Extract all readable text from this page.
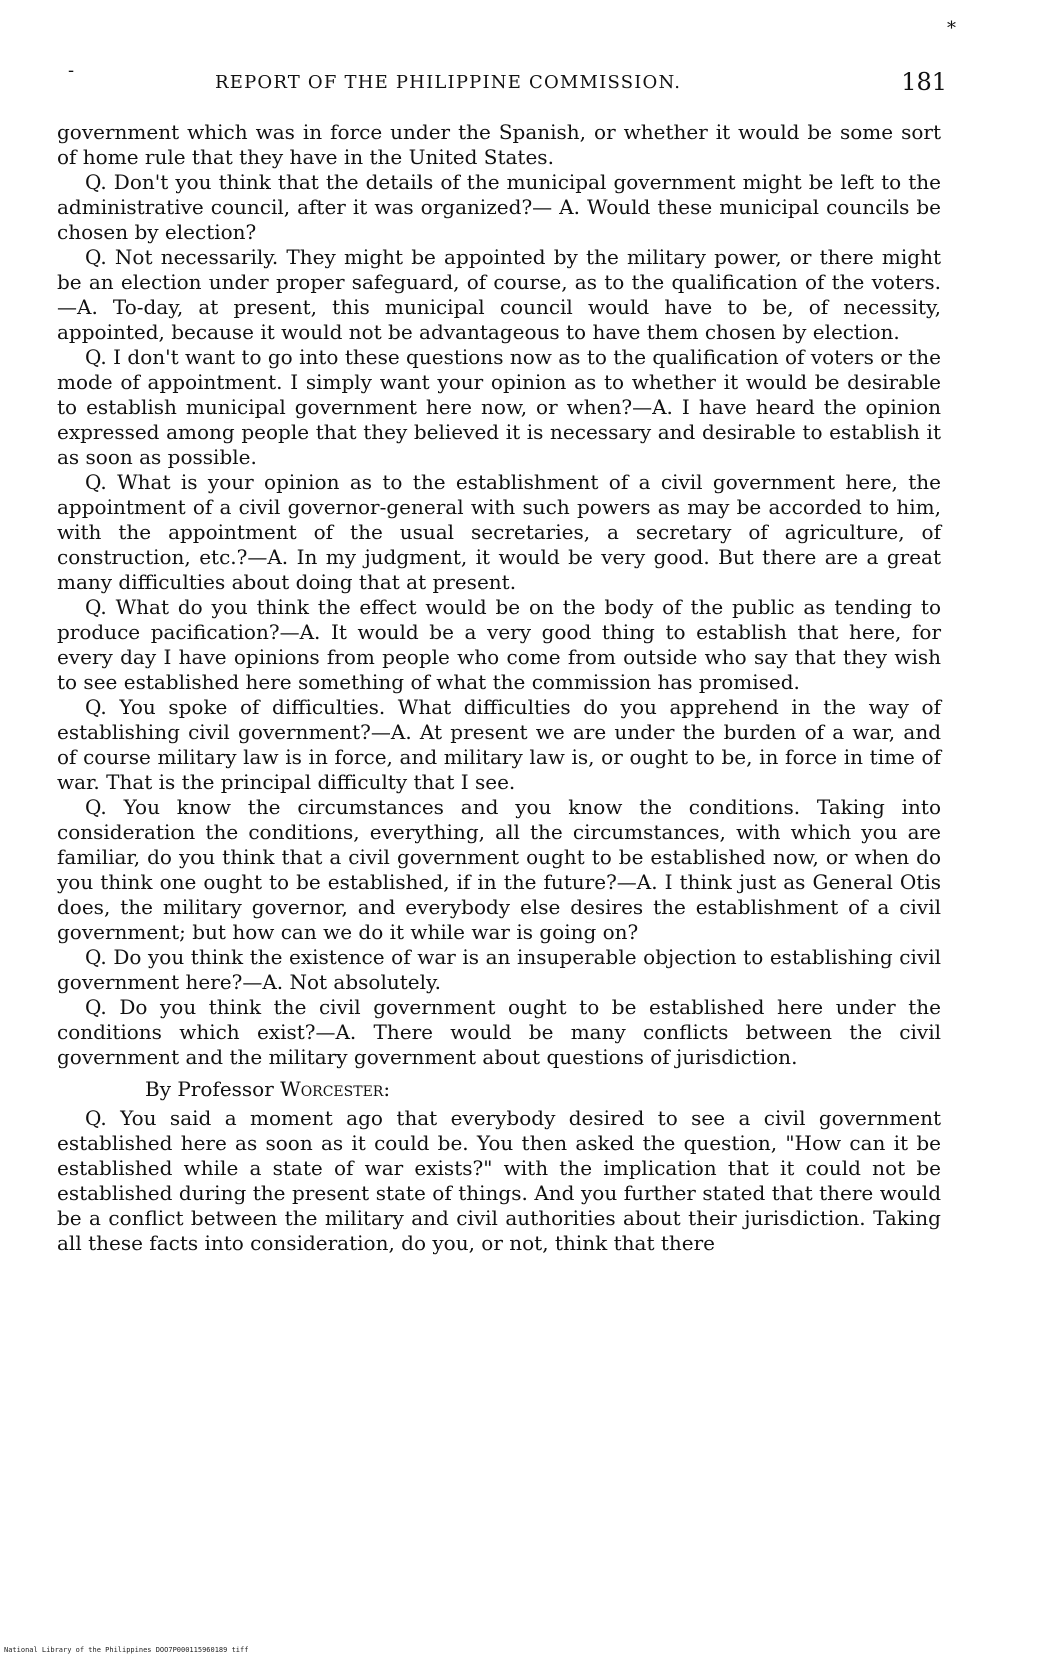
-
*
REPORT OF THE PHILIPPINE COMMISSION.	181

government which was in force under the Spanish, or whether it would be some sort of home rule that they have in the United States.

Q. Don't you think that the details of the municipal government might be left to the administrative council, after it was organized?— A. Would these municipal councils be chosen by election?

Q. Not necessarily. They might be appointed by the military power, or there might be an election under proper safeguard, of course, as to the qualification of the voters.—A. To-day, at present, this municipal council would have to be, of necessity, appointed, because it would not be advantageous to have them chosen by election.

Q. I don't want to go into these questions now as to the qualification of voters or the mode of appointment. I simply want your opinion as to whether it would be desirable to establish municipal government here now, or when?—A. I have heard the opinion expressed among people that they believed it is necessary and desirable to establish it as soon as possible.

Q. What is your opinion as to the establishment of a civil government here, the appointment of a civil governor-general with such powers as may be accorded to him, with the appointment of the usual secretaries, a secretary of agriculture, of construction, etc.?—A. In my judgment, it would be very good. But there are a great many difficulties about doing that at present.

Q. What do you think the effect would be on the body of the public as tending to produce pacification?—A. It would be a very good thing to establish that here, for every day I have opinions from people who come from outside who say that they wish to see established here something of what the commission has promised.

Q. You spoke of difficulties. What difficulties do you apprehend in the way of establishing civil government?—A. At present we are under the burden of a war, and of course military law is in force, and military law is, or ought to be, in force in time of war. That is the principal difficulty that I see.

Q. You know the circumstances and you know the conditions. Taking into consideration the conditions, everything, all the circumstances, with which you are familiar, do you think that a civil government ought to be established now, or when do you think one ought to be established, if in the future?—A. I think just as General Otis does, the military governor, and everybody else desires the establishment of a civil government; but how can we do it while war is going on?

Q. Do you think the existence of war is an insuperable objection to establishing civil government here?—A. Not absolutely.

Q. Do you think the civil government ought to be established here under the conditions which exist?—A. There would be many conflicts between the civil government and the military government about questions of jurisdiction.

By Professor Worcester:

Q. You said a moment ago that everybody desired to see a civil government established here as soon as it could be. You then asked the question, "How can it be established while a state of war exists?" with the implication that it could not be established during the present state of things. And you further stated that there would be a conflict between the military and civil authorities about their jurisdiction. Taking all these facts into consideration, do you, or not, think that there

National Library of the Philippines DOO7P000115960189 tiff
